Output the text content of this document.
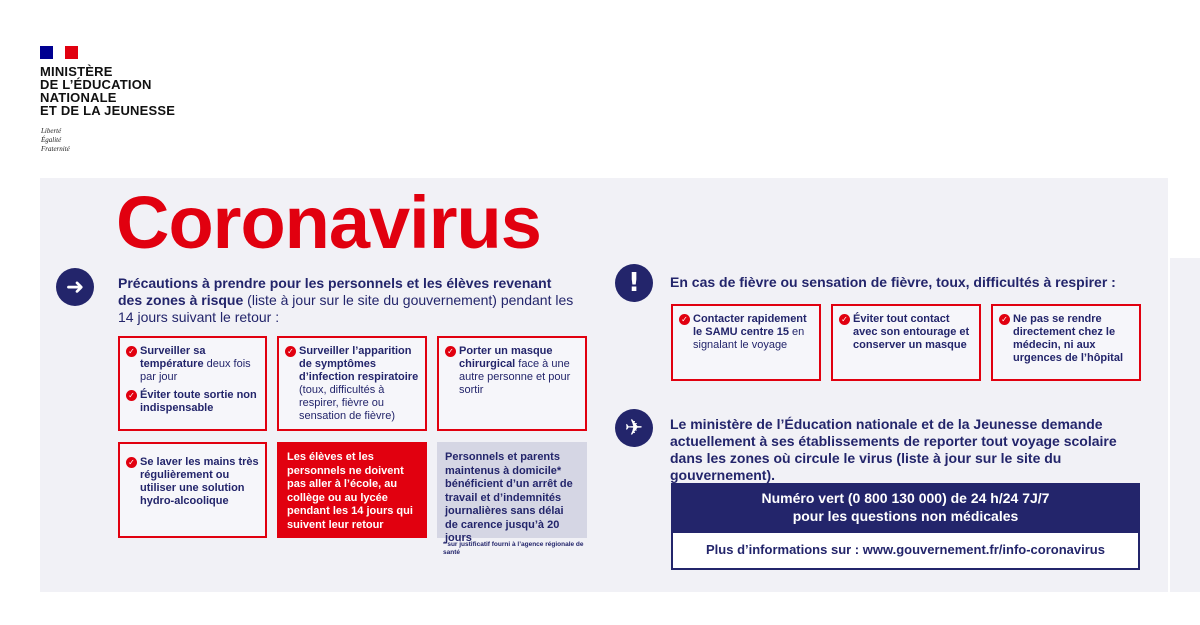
MINISTÈRE
DE L’ÉDUCATION
NATIONALE
ET DE LA JEUNESSE
Liberté
Égalité
Fraternité
Coronavirus
➜	Précautions à prendre pour les personnels et les élèves revenant des zones à risque (liste à jour sur le site du gouvernement) pendant les 14 jours suivant le retour :
✓ Surveiller sa température deux fois par jour
✓ Éviter toute sortie non indispensable
✓ Surveiller l’apparition de symptômes d’infection respiratoire (toux, difficultés à respirer, fièvre ou sensation de fièvre)
✓ Porter un masque chirurgical face à une autre personne et pour sortir
✓ Se laver les mains très régulièrement ou utiliser une solution hydro-alcoolique
Les élèves et les personnels ne doivent pas aller à l’école, au collège ou au lycée pendant les 14 jours qui suivent leur retour
Personnels et parents maintenus à domicile* bénéficient d’un arrêt de travail et d’indemnités journalières sans délai de carence jusqu’à 20 jours
* sur justificatif fourni à l’agence régionale de santé
!	En cas de fièvre ou sensation de fièvre, toux, difficultés à respirer :
✓ Contacter rapidement le SAMU centre 15 en signalant le voyage
✓ Éviter tout contact avec son entourage et conserver un masque
✓ Ne pas se rendre directement chez le médecin, ni aux urgences de l’hôpital
✈	Le ministère de l’Éducation nationale et de la Jeunesse demande actuellement à ses établissements de reporter tout voyage scolaire dans les zones où circule le virus (liste à jour sur le site du gouvernement).
Numéro vert (0 800 130 000) de 24 h/24 7J/7
pour les questions non médicales
Plus d’informations sur : www.gouvernement.fr/info-coronavirus
